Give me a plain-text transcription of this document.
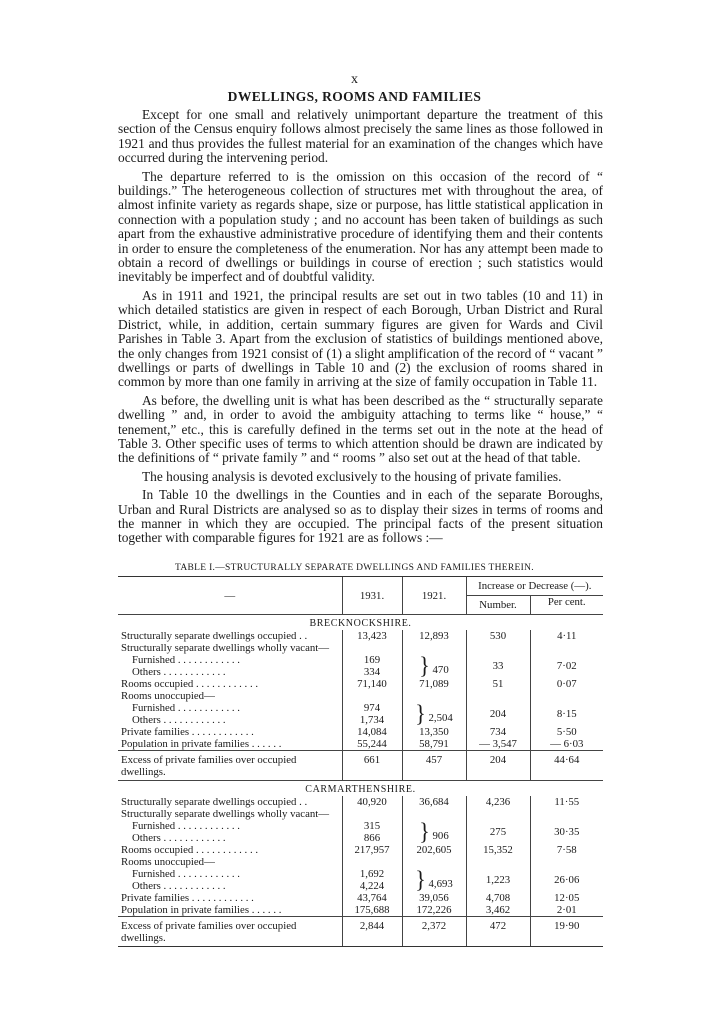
x
DWELLINGS, ROOMS AND FAMILIES

Except for one small and relatively unimportant departure the treatment of this section of the Census enquiry follows almost precisely the same lines as those followed in 1921 and thus provides the fullest material for an examination of the changes which have occurred during the intervening period.

The departure referred to is the omission on this occasion of the record of “ buildings.” The heterogeneous collection of structures met with throughout the area, of almost infinite variety as regards shape, size or purpose, has little statistical application in connection with a population study ; and no account has been taken of buildings as such apart from the exhaustive administrative procedure of identifying them and their contents in order to ensure the completeness of the enumeration. Nor has any attempt been made to obtain a record of dwellings or buildings in course of erection ; such statistics would inevitably be imperfect and of doubtful validity.

As in 1911 and 1921, the principal results are set out in two tables (10 and 11) in which detailed statistics are given in respect of each Borough, Urban District and Rural District, while, in addition, certain summary figures are given for Wards and Civil Parishes in Table 3. Apart from the exclusion of statistics of buildings mentioned above, the only changes from 1921 consist of (1) a slight amplification of the record of “ vacant ” dwellings or parts of dwellings in Table 10 and (2) the exclusion of rooms shared in common by more than one family in arriving at the size of family occupation in Table 11.

As before, the dwelling unit is what has been described as the “ structurally separate dwelling ” and, in order to avoid the ambiguity attaching to terms like “ house,” “ tenement,” etc., this is carefully defined in the terms set out in the note at the head of Table 3. Other specific uses of terms to which attention should be drawn are indicated by the definitions of “ private family ” and “ rooms ” also set out at the head of that table.

The housing analysis is devoted exclusively to the housing of private families.

In Table 10 the dwellings in the Counties and in each of the separate Boroughs, Urban and Rural Districts are analysed so as to display their sizes in terms of rooms and the manner in which they are occupied. The principal facts of the present situation together with comparable figures for 1921 are as follows :—

TABLE I.—STRUCTURALLY SEPARATE DWELLINGS AND FAMILIES THEREIN.
—	1931.	1921.	Increase or Decrease (—).	
			Number.	Per cent.
BRECKNOCKSHIRE.				
Structurally separate dwellings occupied . .	13,423	12,893	530	4·11
Structurally separate dwellings wholly vacant—				
Furnished . . . . . . . . . . . .	169	} 470	33	7·02
Others . . . . . . . . . . . .	334			
Rooms occupied . . . . . . . . . . . .	71,140	71,089	51	0·07
Rooms unoccupied—				
Furnished . . . . . . . . . . . .	974	} 2,504	204	8·15
Others . . . . . . . . . . . .	1,734			
Private families . . . . . . . . . . . .	14,084	13,350	734	5·50
Population in private families . . . . . .	55,244	58,791	— 3,547	— 6·03
Excess of private families over occupied dwellings.	661	457	204	44·64
CARMARTHENSHIRE.				
Structurally separate dwellings occupied . .	40,920	36,684	4,236	11·55
Structurally separate dwellings wholly vacant—				
Furnished . . . . . . . . . . . .	315	} 906	275	30·35
Others . . . . . . . . . . . .	866			
Rooms occupied . . . . . . . . . . . .	217,957	202,605	15,352	7·58
Rooms unoccupied—				
Furnished . . . . . . . . . . . .	1,692	} 4,693	1,223	26·06
Others . . . . . . . . . . . .	4,224			
Private families . . . . . . . . . . . .	43,764	39,056	4,708	12·05
Population in private families . . . . . .	175,688	172,226	3,462	2·01
Excess of private families over occupied dwellings.	2,844	2,372	472	19·90
